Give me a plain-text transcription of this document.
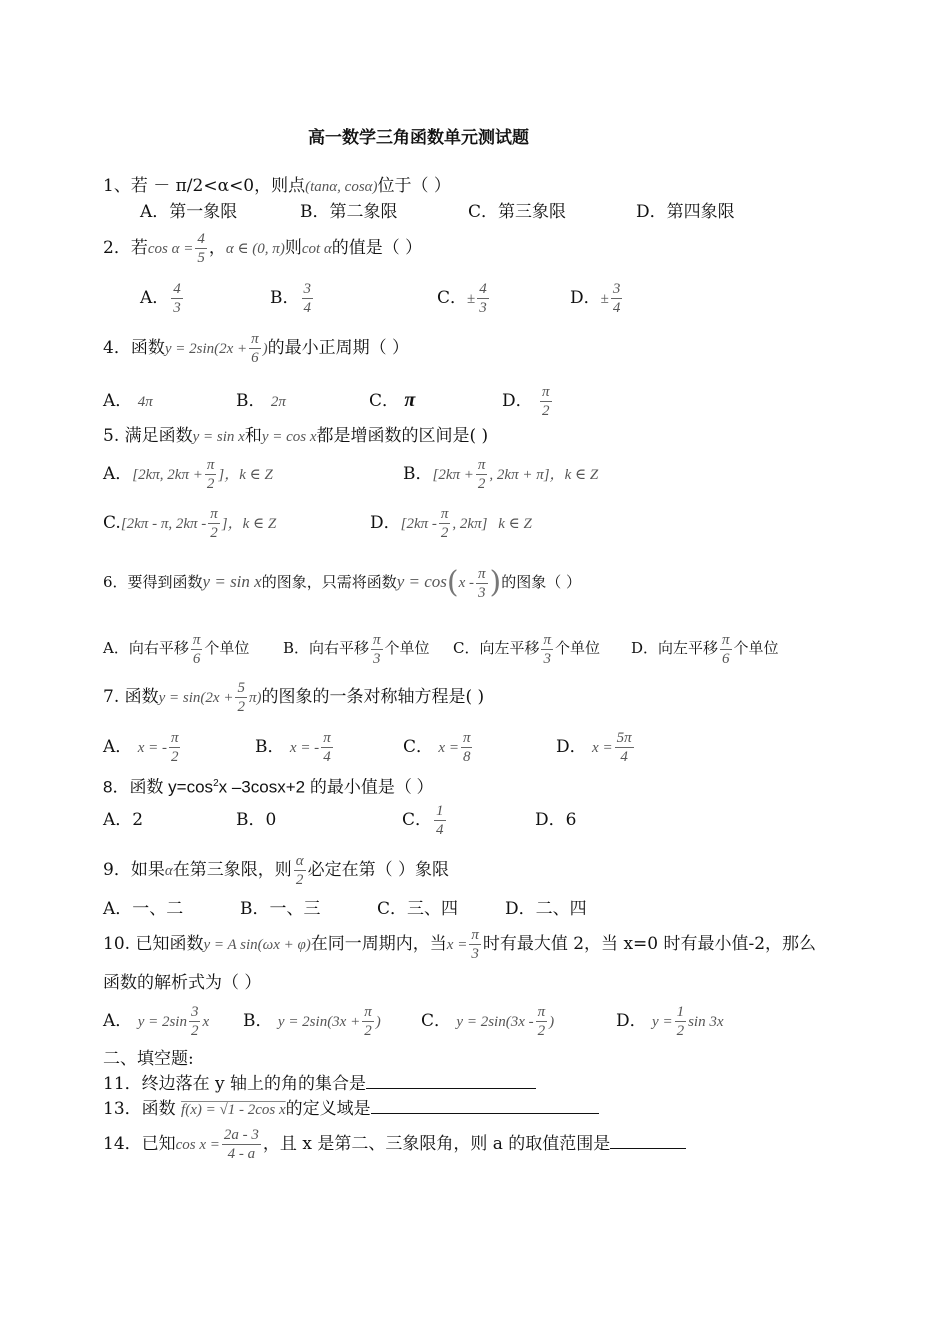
高一数学三角函数单元测试题
1、若 － π/2<α<0，则点(tanα, cosα)位于（ ）
A．第一象限	B．第二象限	C．第三象限	D．第四象限
2．若$\cos \alpha = \frac{4}{5}$ ，α ∈ (0, π)则cot α的值是（ ）
A． $\frac{4}{3}$	B． $\frac{3}{4}$	C．± $\frac{4}{3}$	D．± $\frac{3}{4}$
4．函数$y = 2\sin(2x + \frac{\pi}{6}$ )的最小正周期（ ）
A． 4π	B． 2π	C． π	D． $\frac{\pi}{2}$
5. 满足函数y = sin x和y = cos x都是增函数的区间是( )
A．[2kπ, $2k\pi + \frac{\pi}{2}$ ]，k ∈ Z	B．[$2k\pi + \frac{\pi}{2}$ , 2kπ + π]，k ∈ Z
C.[2kπ - π, $2k\pi - \frac{\pi}{2}$ ]，k ∈ Z	D．[$2k\pi - \frac{\pi}{2}$ , 2kπ] k ∈ Z
6．要得到函数y = sin x的图象，只需将函数$y = \cos(x - \frac{\pi}{3}$ )的图象（ ）
A．向右平移 $\frac{\pi}{6}$ 个单位 B．向右平移 $\frac{\pi}{3}$ 个单位 C．向左平移 $\frac{\pi}{3}$ 个单位 D．向左平移 $\frac{\pi}{6}$ 个单位
7. 函数$y = \sin(2x + \frac{5}{2} \pi)$的图象的一条对称轴方程是( )
A． x = - $\frac{\pi}{2}$	B． x = - $\frac{\pi}{4}$	C． $x = \frac{\pi}{8}$	D． $x = \frac{5\pi}{4}$
8．函数 $y=\cos^2x$ –3cosx+2 的最小值是（ ）
A．2	B．0	C． $\frac{1}{4}$	D．6
9．如果α在第三象限，则 $\frac{\alpha}{2}$ 必定在第（ ）象限
A．一、二	B．一、三	C．三、四	D．二、四
10. 已知函数y = A sin(ωx + φ)在同一周期内，当$x = \frac{\pi}{3}$ 时有最大值 2，当 x=0 时有最小值-2，那么
函数的解析式为（ ）
A． $y = 2\sin \frac{3}{2}$ x B． $y = 2\sin(3x + \frac{\pi}{2}$ ) C． $y = 2\sin(3x - \frac{\pi}{2}$ )	D． $y = \frac{1}{2}$ sin 3x
二、填空题:
11．终边落在 y 轴上的角的集合是
13．函数 f(x) = √1 - 2cos x的定义域是
14．已知$\cos x = \frac{2a - 3}{4 - a}$ ，且 x 是第二、三象限角，则 a 的取值范围是
